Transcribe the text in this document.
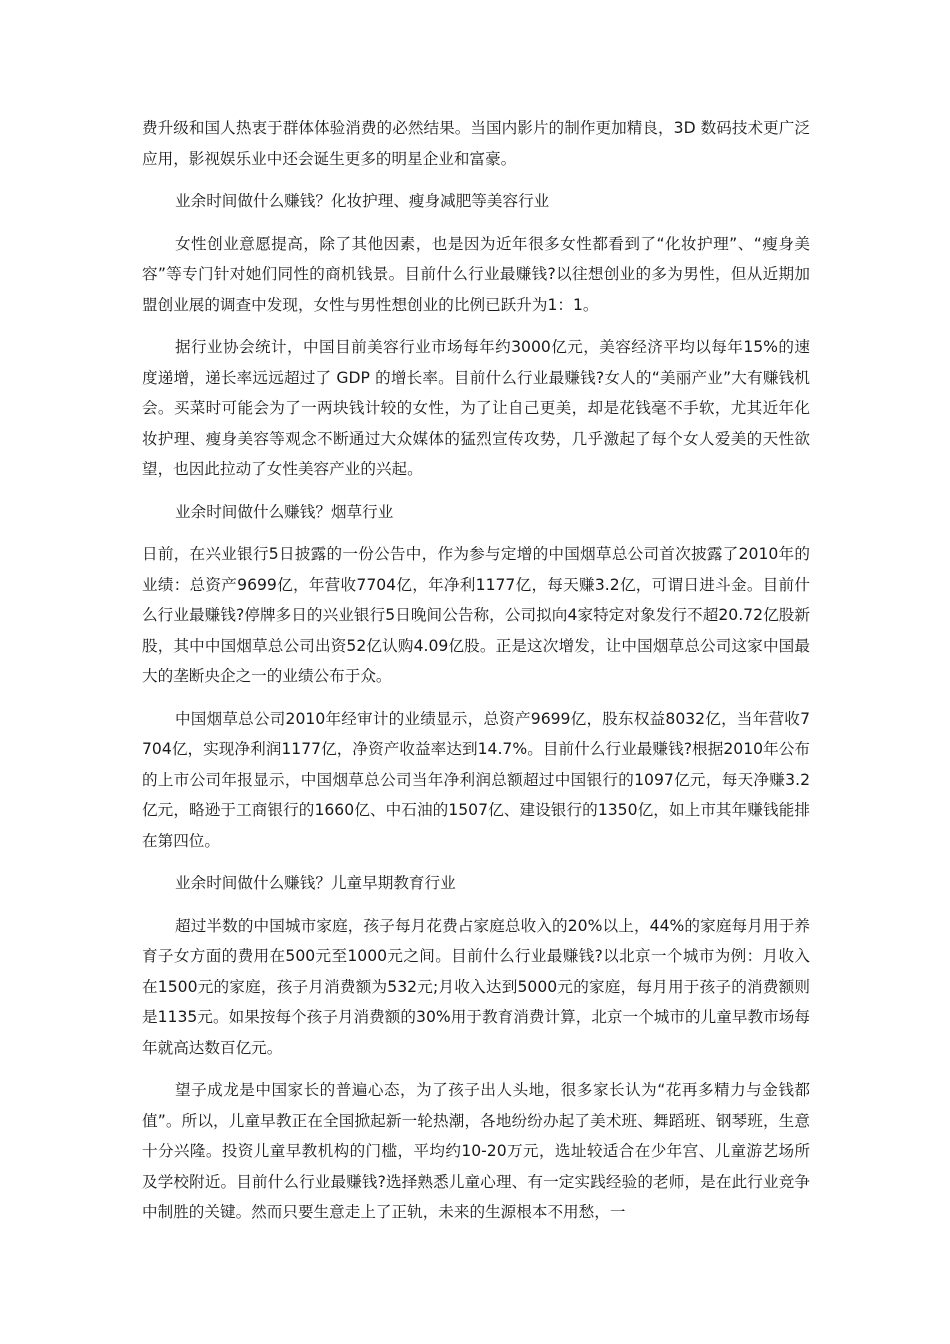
费升级和国人热衷于群体体验消费的必然结果。当国内影片的制作更加精良，3D 数码技术更广泛应用，影视娱乐业中还会诞生更多的明星企业和富豪。

业余时间做什么赚钱？化妆护理、瘦身减肥等美容行业

女性创业意愿提高，除了其他因素，也是因为近年很多女性都看到了“化妆护理”、“瘦身美容”等专门针对她们同性的商机钱景。目前什么行业最赚钱?以往想创业的多为男性，但从近期加盟创业展的调查中发现，女性与男性想创业的比例已跃升为1：1。

据行业协会统计，中国目前美容行业市场每年约3000亿元，美容经济平均以每年15%的速度递增，递长率远远超过了 GDP 的增长率。目前什么行业最赚钱?女人的“美丽产业”大有赚钱机会。买菜时可能会为了一两块钱计较的女性，为了让自己更美，却是花钱毫不手软，尤其近年化妆护理、瘦身美容等观念不断通过大众媒体的猛烈宣传攻势，几乎激起了每个女人爱美的天性欲望，也因此拉动了女性美容产业的兴起。

业余时间做什么赚钱？烟草行业

日前，在兴业银行5日披露的一份公告中，作为参与定增的中国烟草总公司首次披露了2010年的业绩：总资产9699亿，年营收7704亿，年净利1177亿，每天赚3.2亿，可谓日进斗金。目前什么行业最赚钱?停牌多日的兴业银行5日晚间公告称，公司拟向4家特定对象发行不超20.72亿股新股，其中中国烟草总公司出资52亿认购4.09亿股。正是这次增发，让中国烟草总公司这家中国最大的垄断央企之一的业绩公布于众。

中国烟草总公司2010年经审计的业绩显示，总资产9699亿，股东权益8032亿，当年营收7704亿，实现净利润1177亿，净资产收益率达到14.7%。目前什么行业最赚钱?根据2010年公布的上市公司年报显示，中国烟草总公司当年净利润总额超过中国银行的1097亿元，每天净赚3.2亿元，略逊于工商银行的1660亿、中石油的1507亿、建设银行的1350亿，如上市其年赚钱能排在第四位。

业余时间做什么赚钱？儿童早期教育行业

超过半数的中国城市家庭，孩子每月花费占家庭总收入的20%以上，44%的家庭每月用于养育子女方面的费用在500元至1000元之间。目前什么行业最赚钱?以北京一个城市为例：月收入在1500元的家庭，孩子月消费额为532元;月收入达到5000元的家庭，每月用于孩子的消费额则是1135元。如果按每个孩子月消费额的30%用于教育消费计算，北京一个城市的儿童早教市场每年就高达数百亿元。

望子成龙是中国家长的普遍心态，为了孩子出人头地，很多家长认为“花再多精力与金钱都值”。所以，儿童早教正在全国掀起新一轮热潮，各地纷纷办起了美术班、舞蹈班、钢琴班，生意十分兴隆。投资儿童早教机构的门槛，平均约10-20万元，选址较适合在少年宫、儿童游艺场所及学校附近。目前什么行业最赚钱?选择熟悉儿童心理、有一定实践经验的老师，是在此行业竞争中制胜的关键。然而只要生意走上了正轨，未来的生源根本不用愁，一
